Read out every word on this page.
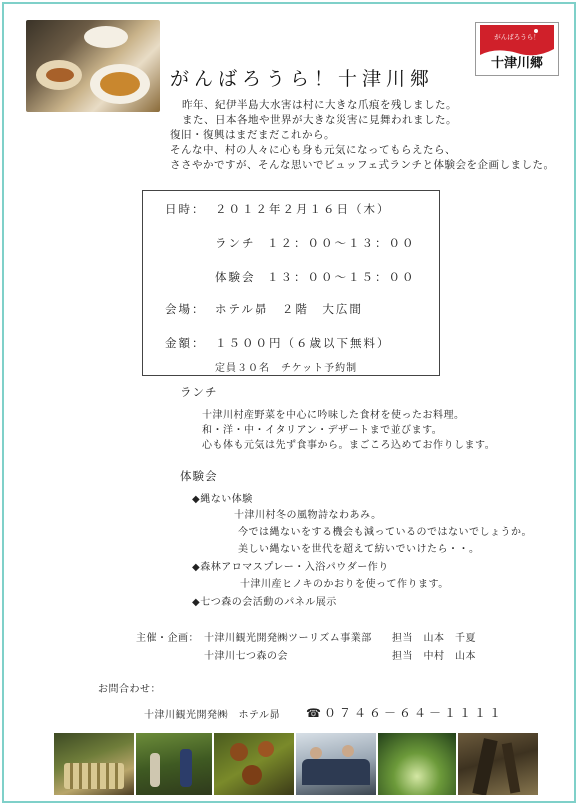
がんばろうら！
十津川郷
がんばろうら！十津川郷
昨年、紀伊半島大水害は村に大きな爪痕を残しました。
また、日本各地や世界が大きな災害に見舞われました。
復旧・復興はまだまだこれから。
そんな中、村の人々に心も身も元気になってもらえたら、
ささやかですが、そんな思いでビュッフェ式ランチと体験会を企画しました。
日時： ２０１２年２月１６日（木）
ランチ １２：００〜１３：００
体験会 １３：００〜１５：００
会場： ホテル昴　２階　大広間
金額： １５００円（６歳以下無料）
定員３０名　チケット予約制
ランチ
十津川村産野菜を中心に吟味した食材を使ったお料理。
和・洋・中・イタリアン・デザートまで並びます。
心も体も元気は先ず食事から。まごころ込めてお作りします。
体験会
◆縄ない体験
十津川村冬の風物詩なわあみ。
今では縄ないをする機会も減っているのではないでしょうか。
美しい縄ないを世代を超えて紡いでいけたら・・。
◆森林アロマスプレー・入浴パウダー作り
十津川産ヒノキのかおりを使って作ります。
◆七つ森の会活動のパネル展示
主催・企画： 十津川観光開発㈱ツーリズム事業部 担当　山本　千夏
十津川七つ森の会	担当　中村　山本
お問合わせ：
十津川観光開発㈱　ホテル昴 ☎０７４６－６４－１１１１
